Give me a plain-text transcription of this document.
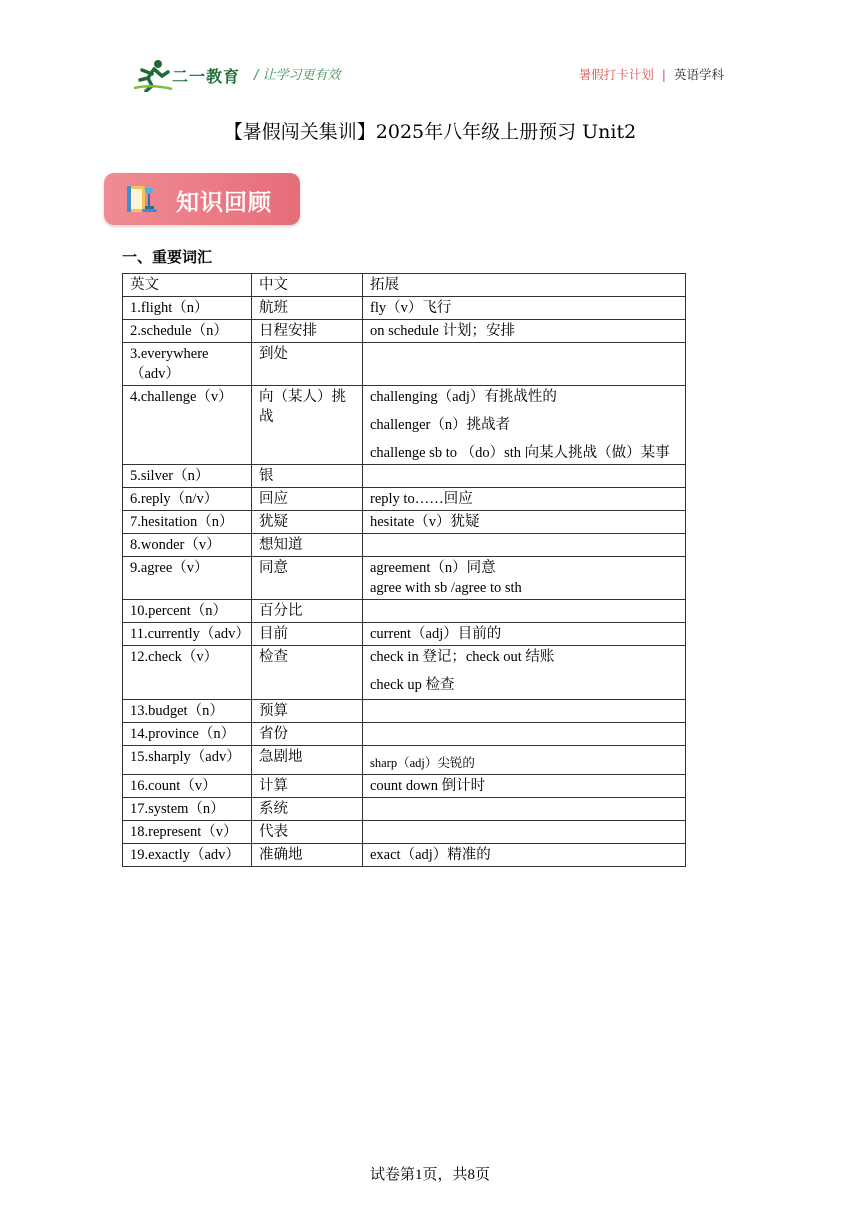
二一教育 / 让学习更有效	暑假打卡计划 | 英语学科
【暑假闯关集训】2025年八年级上册预习 Unit2
知识回顾
一、重要词汇
英文	中文	拓展
1.flight（n）	航班	fly（v）飞行

2.schedule（n）	日程安排	on schedule 计划；安排

3.everywhere（adv）	到处	
4.challenge（v）	向（某人）挑战	challenging（adj）有挑战性的
challenger（n）挑战者
challenge sb to （do）sth 向某人挑战（做）某事

5.silver（n）	银	
6.reply（n/v）	回应	reply to……回应

7.hesitation（n）	犹疑	hesitate（v）犹疑

8.wonder（v）	想知道	
9.agree（v）	同意	agreement（n）同意
agree with sb /agree to sth

10.percent（n）	百分比	
11.currently（adv）	目前	current（adj）目前的

12.check（v）	检查	check in 登记；check out 结账
check up 检查

13.budget（n）	预算	
14.province（n）	省份	
15.sharply（adv）	急剧地	sharp（adj）尖锐的

16.count（v）	计算	count down 倒计时

17.system（n）	系统	
18.represent（v）	代表	
19.exactly（adv）	准确地	exact（adj）精准的
试卷第1页，共8页
